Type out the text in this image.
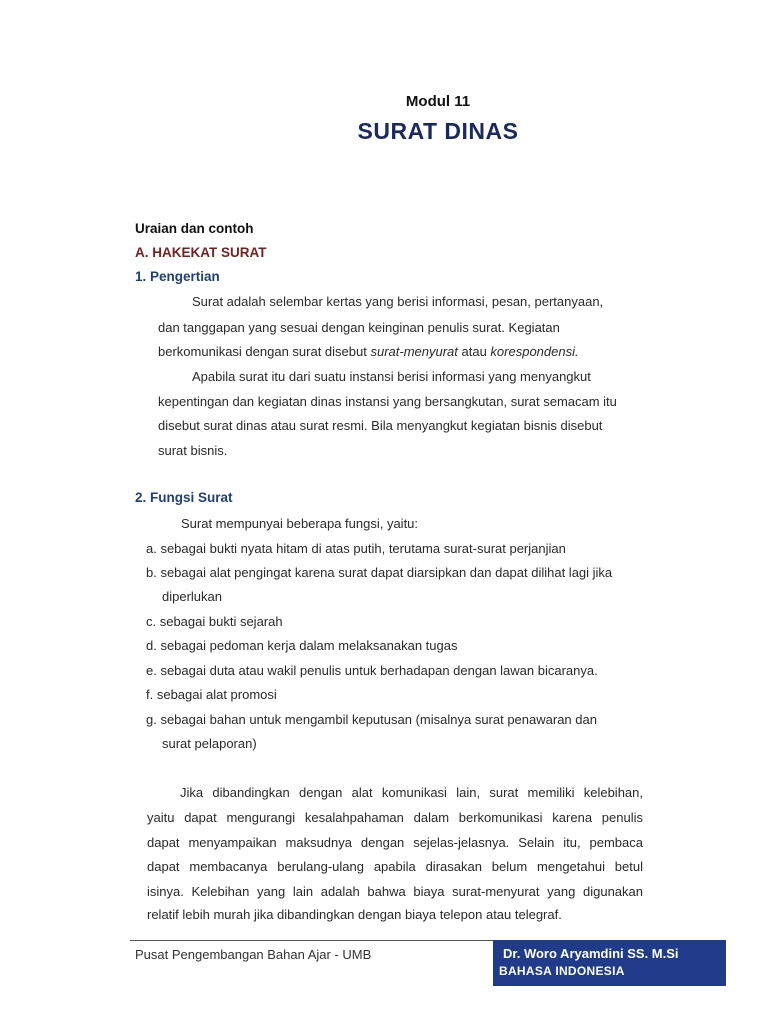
Modul 11
SURAT DINAS
Uraian dan contoh
A. HAKEKAT SURAT
1. Pengertian
Surat adalah selembar kertas yang berisi informasi, pesan, pertanyaan,
dan tanggapan yang sesuai dengan keinginan penulis surat. Kegiatan
berkomunikasi dengan surat disebut surat-menyurat atau korespondensi.
Apabila surat itu dari suatu instansi berisi informasi yang menyangkut
kepentingan dan kegiatan dinas instansi yang bersangkutan, surat semacam itu
disebut surat dinas atau surat resmi. Bila menyangkut kegiatan bisnis disebut
surat bisnis.
2. Fungsi Surat
Surat mempunyai beberapa fungsi, yaitu:
a. sebagai bukti nyata hitam di atas putih, terutama surat-surat perjanjian
b. sebagai alat pengingat karena surat dapat diarsipkan dan dapat dilihat lagi jika
diperlukan
c. sebagai bukti sejarah
d. sebagai pedoman kerja dalam melaksanakan tugas
e. sebagai duta atau wakil penulis untuk berhadapan dengan lawan bicaranya.
f. sebagai alat promosi
g. sebagai bahan untuk mengambil keputusan (misalnya surat penawaran dan
surat pelaporan)
Jika dibandingkan dengan alat komunikasi lain, surat memiliki kelebihan,
yaitu dapat mengurangi kesalahpahaman dalam berkomunikasi karena penulis
dapat menyampaikan maksudnya dengan sejelas-jelasnya. Selain itu, pembaca
dapat membacanya berulang-ulang apabila dirasakan belum mengetahui betul
isinya. Kelebihan yang lain adalah bahwa biaya surat-menyurat yang digunakan
relatif lebih murah jika dibandingkan dengan biaya telepon atau telegraf.
Pusat Pengembangan Bahan Ajar - UMB	Dr. Woro Aryamdini SS. M.Si
BAHASA INDONESIA
